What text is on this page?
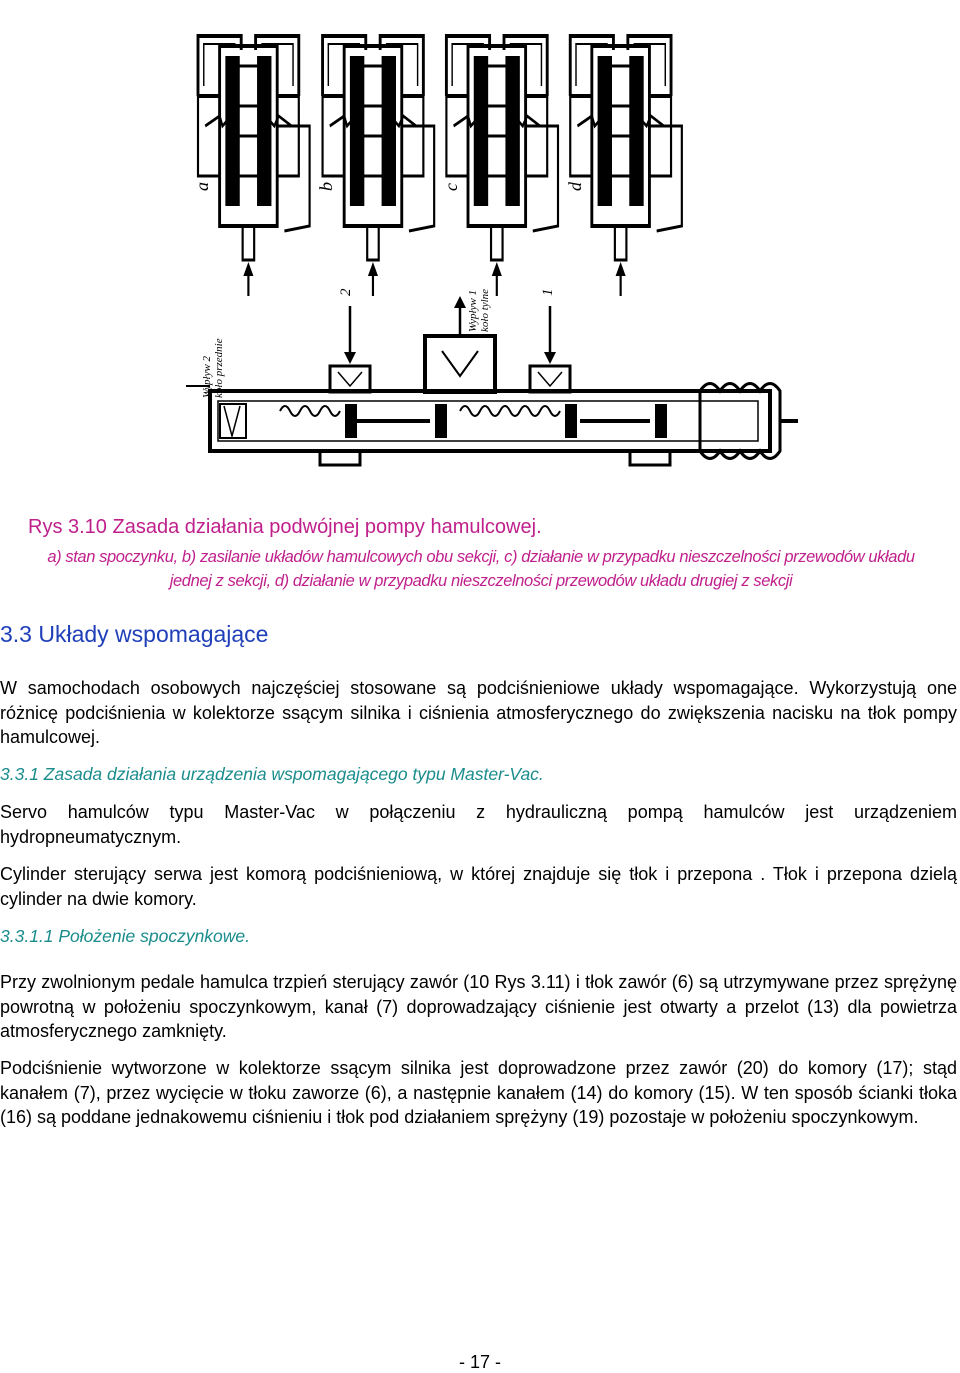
a	b	c	d
2	1
Wypływ 1koło tylne
Wypływ 2koło przednie
Rys 3.10 Zasada działania podwójnej pompy hamulcowej.
a) stan spoczynku, b) zasilanie układów hamulcowych obu sekcji, c) działanie w przypadku nieszczelności przewodów układu jednej z sekcji, d) działanie w przypadku nieszczelności przewodów układu drugiej z sekcji
3.3 Układy wspomagające
W samochodach osobowych najczęściej stosowane są podciśnieniowe układy wspomagające. Wykorzystują one różnicę podciśnienia w kolektorze ssącym silnika i ciśnienia atmosferycznego do zwiększenia nacisku na tłok pompy hamulcowej.
3.3.1 Zasada działania urządzenia wspomagającego typu Master-Vac.
Servo hamulców typu Master-Vac w połączeniu z hydrauliczną pompą hamulców jest urządzeniem hydropneumatycznym.
Cylinder sterujący serwa jest komorą podciśnieniową, w której znajduje się tłok i przepona . Tłok i przepona dzielą cylinder na dwie komory.
3.3.1.1 Położenie spoczynkowe.
Przy zwolnionym pedale hamulca trzpień sterujący zawór (10 Rys 3.11) i tłok zawór (6) są utrzymywane przez sprężynę powrotną w położeniu spoczynkowym, kanał (7) doprowadzający ciśnienie jest otwarty a przelot (13) dla powietrza atmosferycznego zamknięty.
Podciśnienie wytworzone w kolektorze ssącym silnika jest doprowadzone przez zawór (20) do komory (17); stąd kanałem (7), przez wycięcie w tłoku zaworze (6), a następnie kanałem (14) do komory (15). W ten sposób ścianki tłoka (16) są poddane jednakowemu ciśnieniu i tłok pod działaniem sprężyny (19) pozostaje w położeniu spoczynkowym.
- 17 -
